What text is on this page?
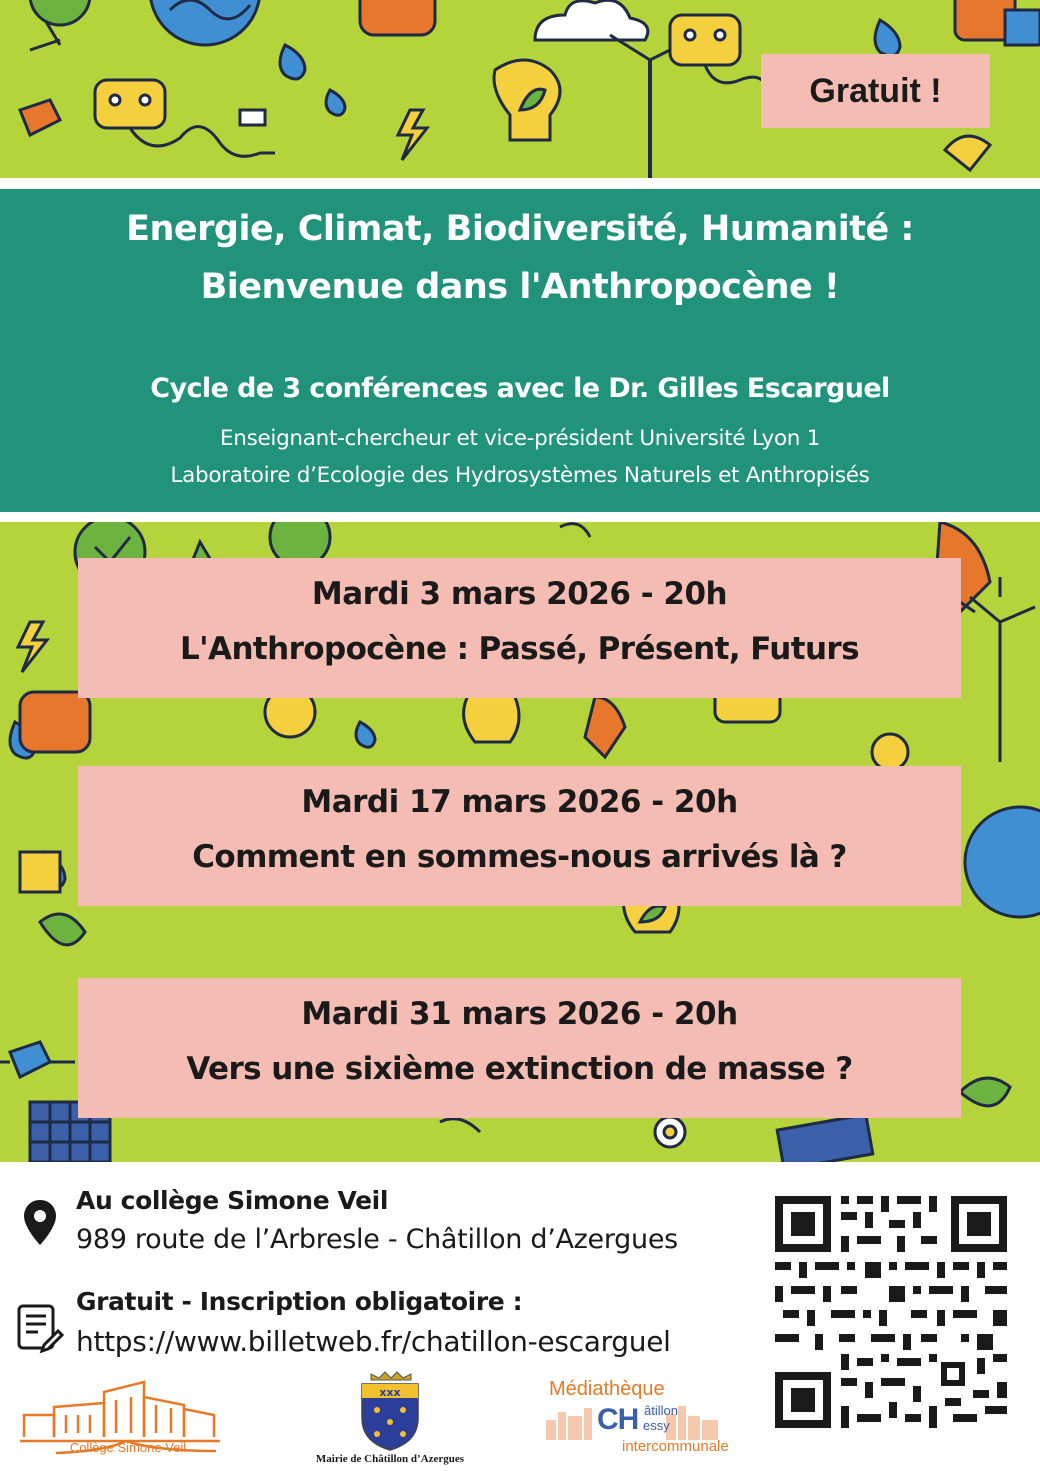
Energie, Climat, Biodiversité, Humanité :
Bienvenue dans l'Anthropocène !
Cycle de 3 conférences avec le Dr. Gilles Escarguel
Enseignant-chercheur et vice-président Université Lyon 1
Laboratoire d’Ecologie des Hydrosystèmes Naturels et Anthropisés
Gratuit !
Mardi 3 mars 2026 - 20h
L'Anthropocène : Passé, Présent, Futurs
Mardi 17 mars 2026 - 20h
Comment en sommes-nous arrivés là ?
Mardi 31 mars 2026 - 20h
Vers une sixième extinction de masse ?
Au collège Simone Veil
989 route de l’Arbresle - Châtillon d’Azergues
Gratuit - Inscription obligatoire :
https://www.billetweb.fr/chatillon-escarguel
Collège Simone Veil
xxx
Mairie de Châtillon d’Azergues
Médiathèque
CH âtillon
essy
intercommunale
